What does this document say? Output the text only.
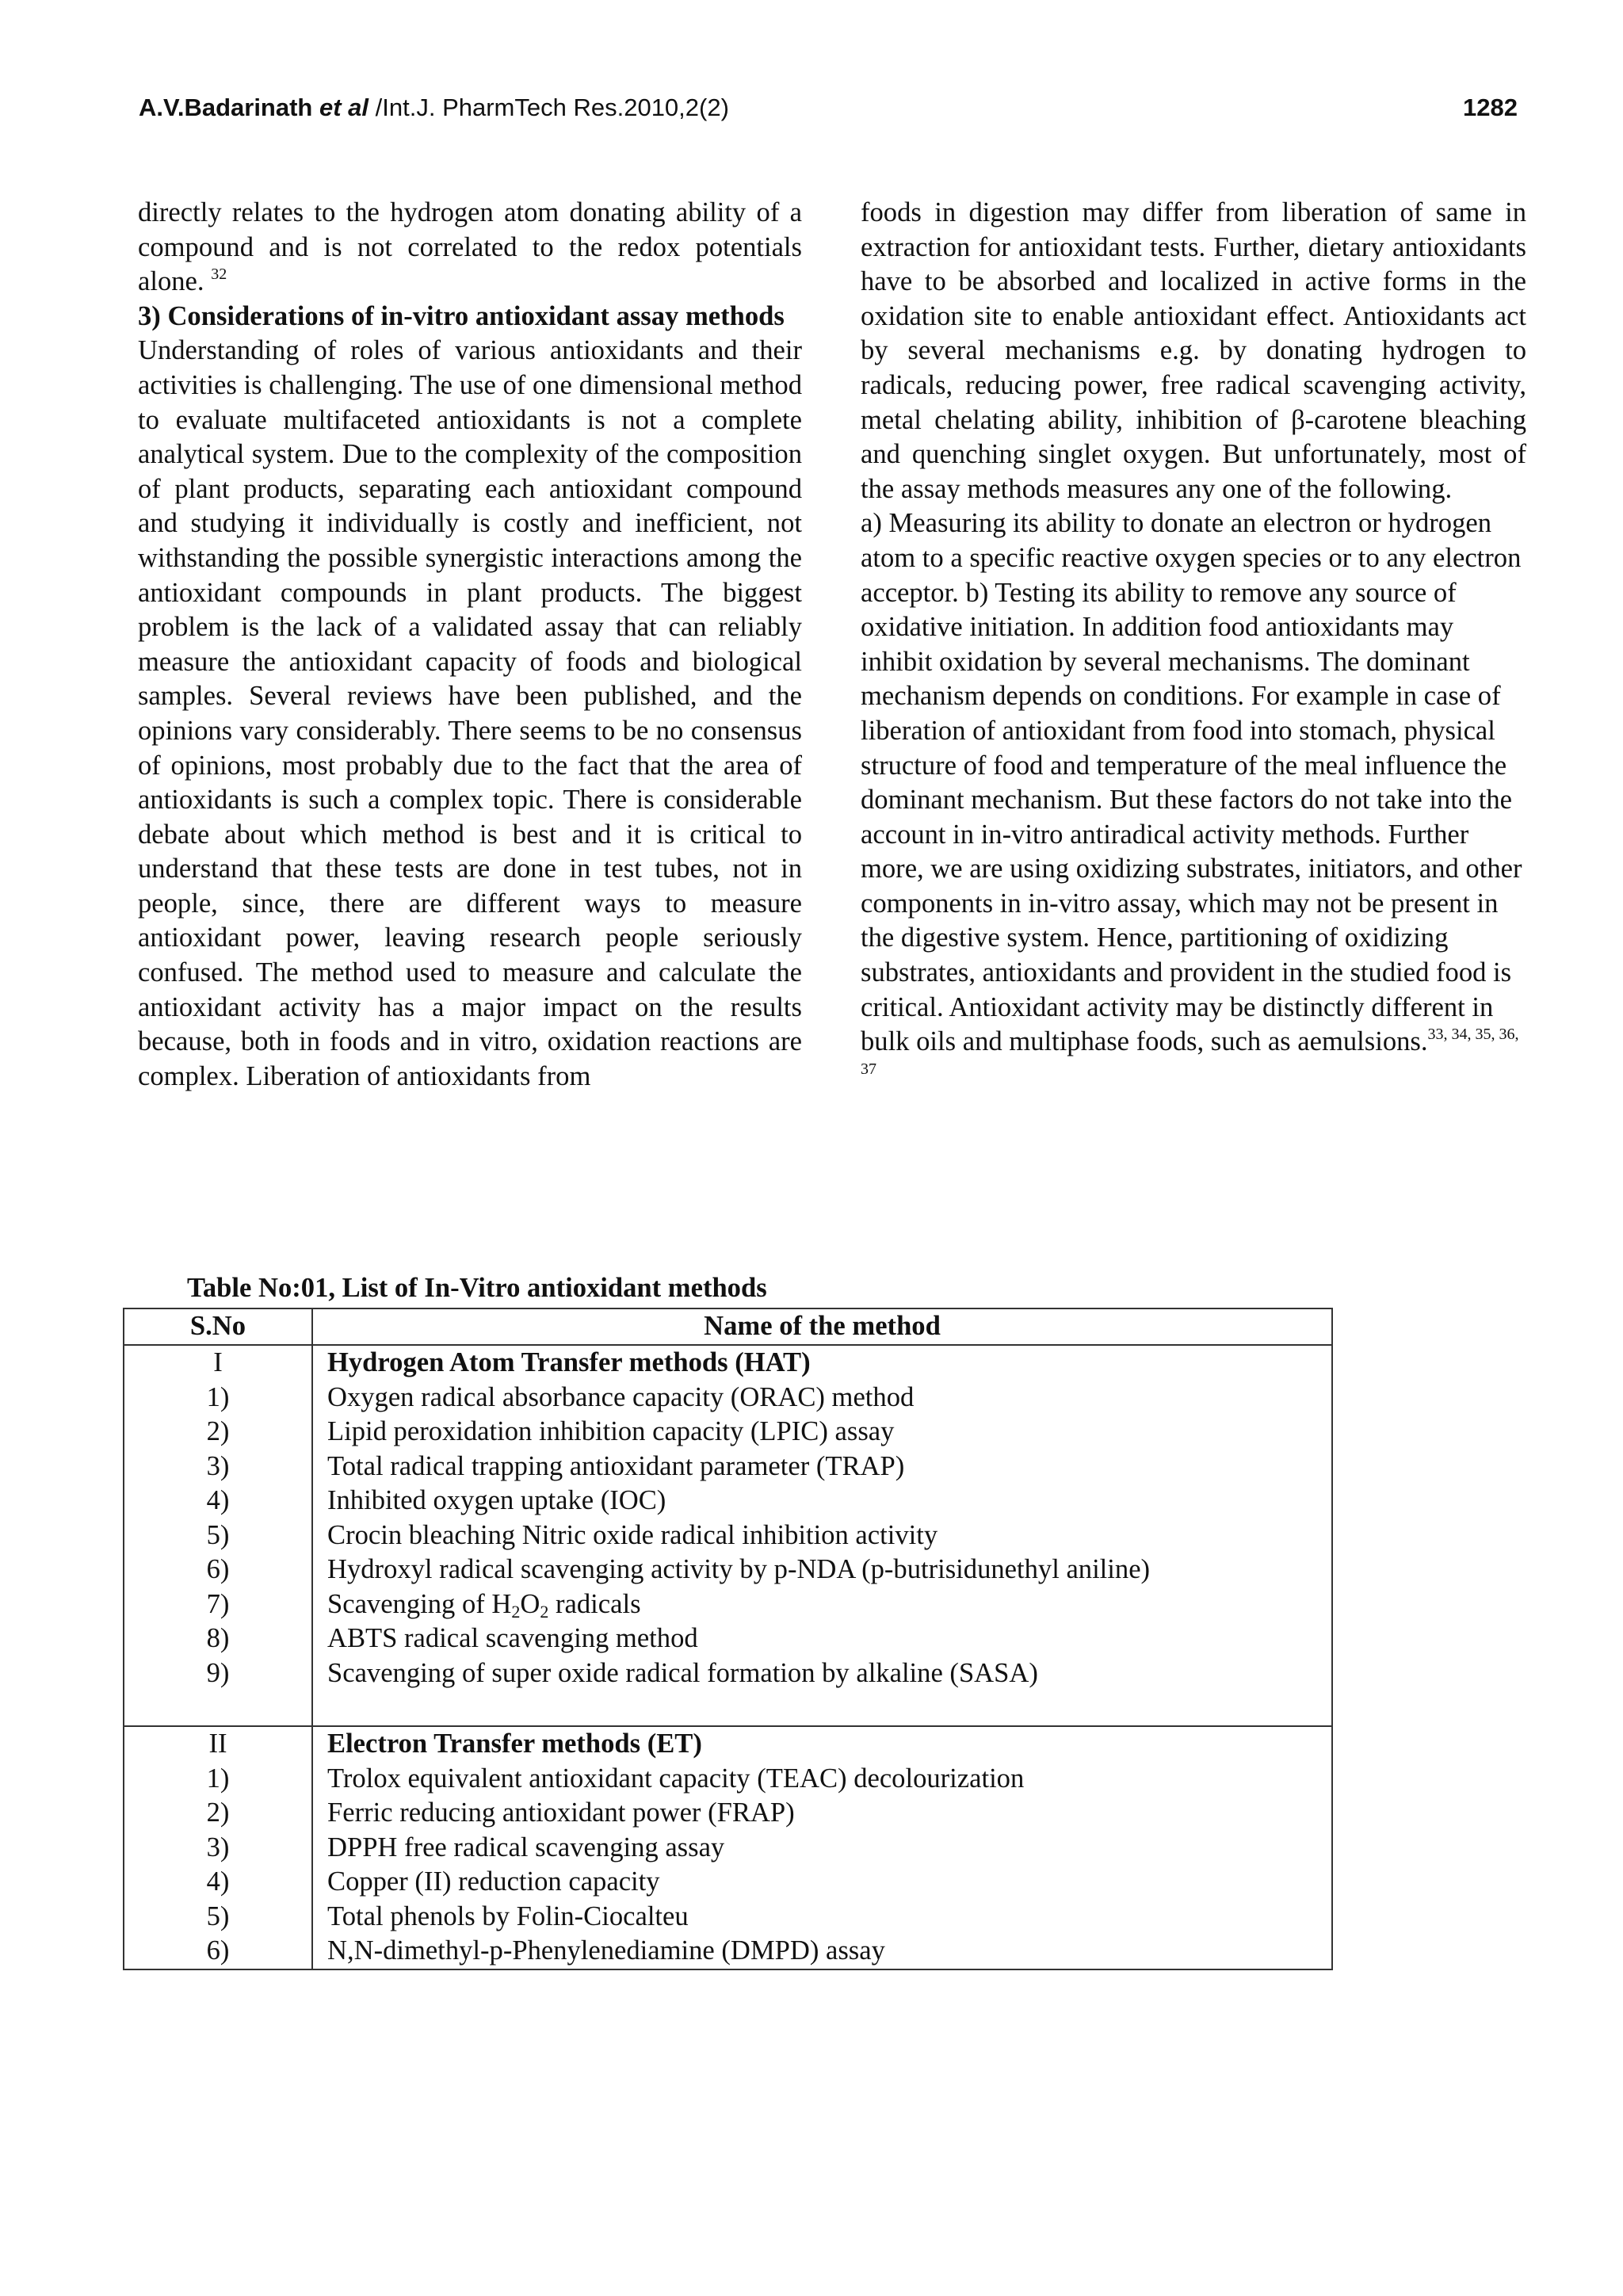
A.V.Badarinath et al /Int.J. PharmTech Res.2010,2(2)	1282

directly relates to the hydrogen atom donating ability of a compound and is not correlated to the redox potentials alone. $^{32}$

3) Considerations of in-vitro antioxidant assay methods

Understanding of roles of various antioxidants and their activities is challenging. The use of one dimensional method to evaluate multifaceted antioxidants is not a complete analytical system. Due to the complexity of the composition of plant products, separating each antioxidant compound and studying it individually is costly and inefficient, not withstanding the possible synergistic interactions among the antioxidant compounds in plant products. The biggest problem is the lack of a validated assay that can reliably measure the antioxidant capacity of foods and biological samples. Several reviews have been published, and the opinions vary considerably. There seems to be no consensus of opinions, most probably due to the fact that the area of antioxidants is such a complex topic. There is considerable debate about which method is best and it is critical to understand that these tests are done in test tubes, not in people, since, there are different ways to measure antioxidant power, leaving research people seriously confused. The method used to measure and calculate the antioxidant activity has a major impact on the results because, both in foods and in vitro, oxidation reactions are complex. Liberation of antioxidants from

foods in digestion may differ from liberation of same in extraction for antioxidant tests. Further, dietary antioxidants have to be absorbed and localized in active forms in the oxidation site to enable antioxidant effect. Antioxidants act by several mechanisms e.g. by donating hydrogen to radicals, reducing power, free radical scavenging activity, metal chelating ability, inhibition of β-carotene bleaching and quenching singlet oxygen. But unfortunately, most of the assay methods measures any one of the following.

a) Measuring its ability to donate an electron or hydrogen atom to a specific reactive oxygen species or to any electron acceptor. b) Testing its ability to remove any source of oxidative initiation. In addition food antioxidants may inhibit oxidation by several mechanisms. The dominant mechanism depends on conditions. For example in case of liberation of antioxidant from food into stomach, physical structure of food and temperature of the meal influence the dominant mechanism. But these factors do not take into the account in in-vitro antiradical activity methods. Further more, we are using oxidizing substrates, initiators, and other components in in-vitro assay, which may not be present in the digestive system. Hence, partitioning of oxidizing substrates, antioxidants and provident in the studied food is critical. Antioxidant activity may be distinctly different in bulk oils and multiphase foods, such as aemulsions.$^{33, 34, 35, 36, 37}$

Table No:01, List of In-Vitro antioxidant methods
S.No	Name of the method
I	Hydrogen Atom Transfer methods (HAT)
1)	Oxygen radical absorbance capacity (ORAC) method
2)	Lipid peroxidation inhibition capacity (LPIC) assay
3)	Total radical trapping antioxidant parameter (TRAP)
4)	Inhibited oxygen uptake (IOC)
5)	Crocin bleaching Nitric oxide radical inhibition activity
6)	Hydroxyl radical scavenging activity by p-NDA (p-butrisidunethyl aniline)
7)	Scavenging of $H_2O_2$ radicals
8)	ABTS radical scavenging method
9)	Scavenging of super oxide radical formation by alkaline (SASA)

II	Electron Transfer methods (ET)
1)	Trolox equivalent antioxidant capacity (TEAC) decolourization
2)	Ferric reducing antioxidant power (FRAP)
3)	DPPH free radical scavenging assay
4)	Copper (II) reduction capacity
5)	Total phenols by Folin-Ciocalteu
6)	N,N-dimethyl-p-Phenylenediamine (DMPD) assay
